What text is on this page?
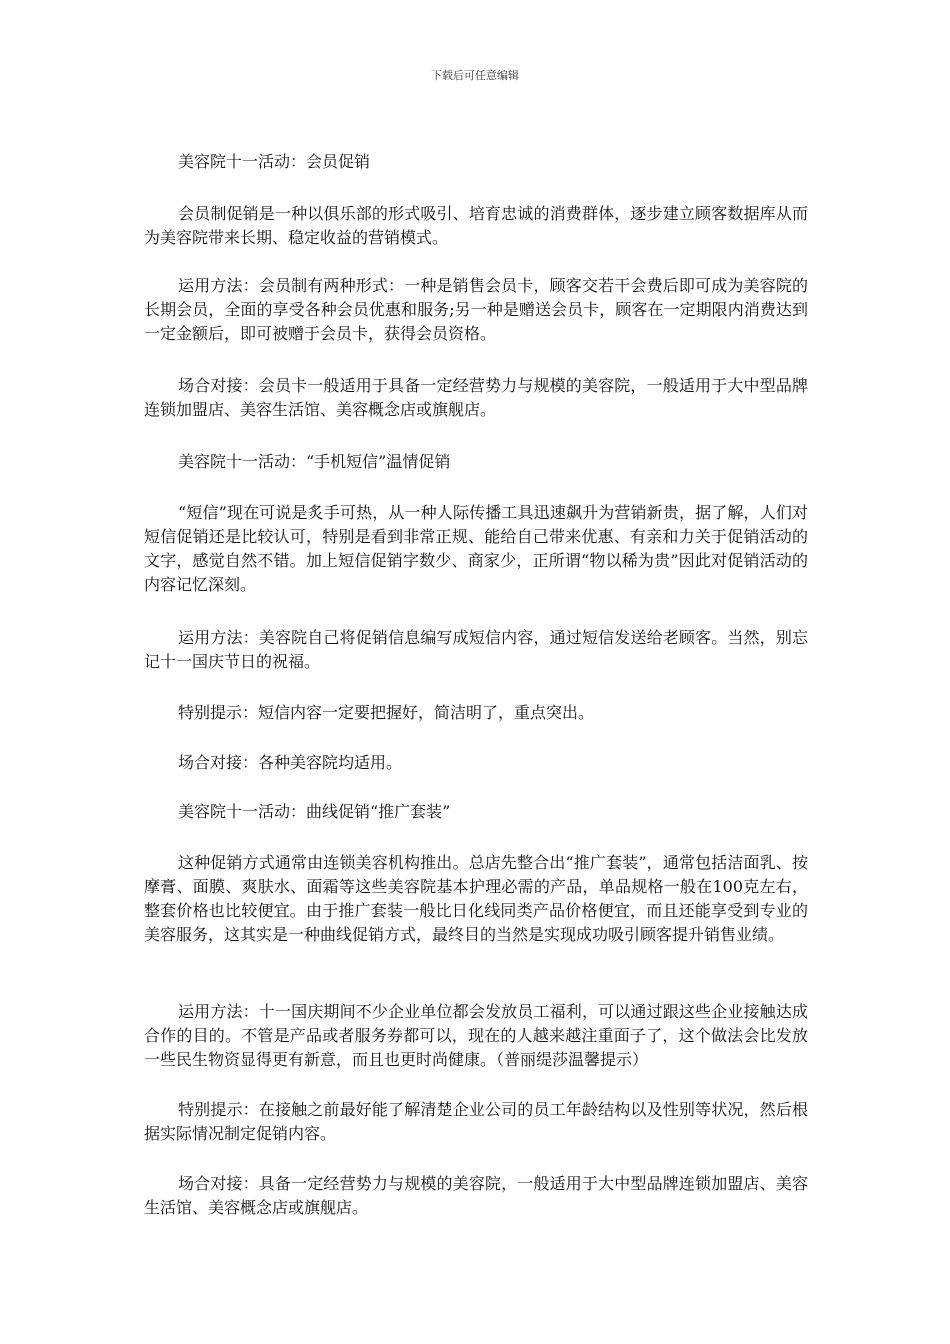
下载后可任意编辑

美容院十一活动：会员促销

会员制促销是一种以俱乐部的形式吸引、培育忠诚的消费群体，逐步建立顾客数据库从而为美容院带来长期、稳定收益的营销模式。

运用方法：会员制有两种形式：一种是销售会员卡，顾客交若干会费后即可成为美容院的长期会员，全面的享受各种会员优惠和服务;另一种是赠送会员卡，顾客在一定期限内消费达到一定金额后，即可被赠于会员卡，获得会员资格。

场合对接：会员卡一般适用于具备一定经营势力与规模的美容院，一般适用于大中型品牌连锁加盟店、美容生活馆、美容概念店或旗舰店。

美容院十一活动：“手机短信”温情促销

“短信”现在可说是炙手可热，从一种人际传播工具迅速飙升为营销新贵，据了解，人们对短信促销还是比较认可，特别是看到非常正规、能给自己带来优惠、有亲和力关于促销活动的文字，感觉自然不错。加上短信促销字数少、商家少，正所谓“物以稀为贵”因此对促销活动的内容记忆深刻。

运用方法：美容院自己将促销信息编写成短信内容，通过短信发送给老顾客。当然，别忘记十一国庆节日的祝福。

特别提示：短信内容一定要把握好，简洁明了，重点突出。

场合对接：各种美容院均适用。

美容院十一活动：曲线促销“推广套装”

这种促销方式通常由连锁美容机构推出。总店先整合出“推广套装”，通常包括洁面乳、按摩膏、面膜、爽肤水、面霜等这些美容院基本护理必需的产品，单品规格一般在100克左右，整套价格也比较便宜。由于推广套装一般比日化线同类产品价格便宜，而且还能享受到专业的美容服务，这其实是一种曲线促销方式，最终目的当然是实现成功吸引顾客提升销售业绩。

运用方法：十一国庆期间不少企业单位都会发放员工福利，可以通过跟这些企业接触达成合作的目的。不管是产品或者服务券都可以，现在的人越来越注重面子了，这个做法会比发放一些民生物资显得更有新意，而且也更时尚健康。（普丽缇莎温馨提示）

特别提示：在接触之前最好能了解清楚企业公司的员工年龄结构以及性别等状况，然后根据实际情况制定促销内容。

场合对接：具备一定经营势力与规模的美容院，一般适用于大中型品牌连锁加盟店、美容生活馆、美容概念店或旗舰店。
